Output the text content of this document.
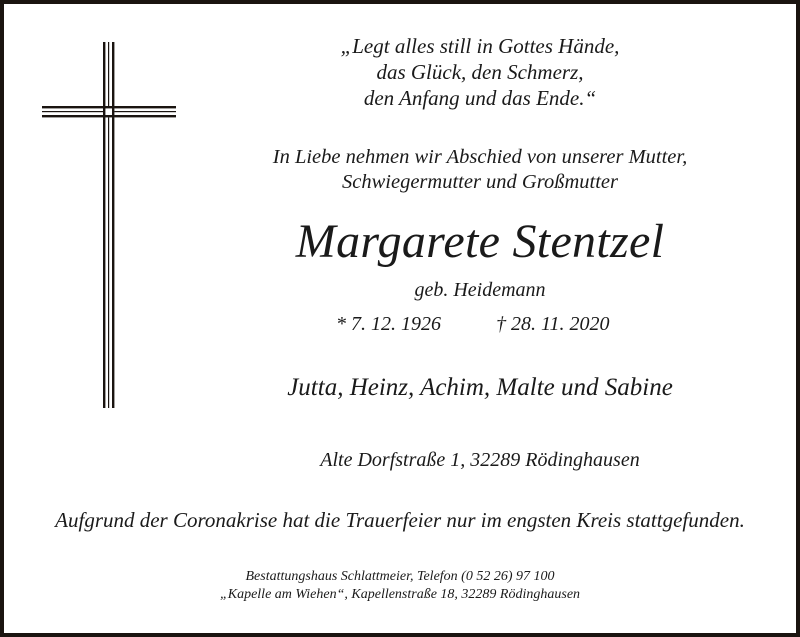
„Legt alles still in Gottes Hände,
das Glück, den Schmerz,
den Anfang und das Ende.“
In Liebe nehmen wir Abschied von unserer Mutter,
Schwiegermutter und Großmutter
Margarete Stentzel
geb. Heidemann
* 7. 12. 1926	† 28. 11. 2020
Jutta, Heinz, Achim, Malte und Sabine
Alte Dorfstraße 1, 32289 Rödinghausen
Aufgrund der Coronakrise hat die Trauerfeier nur im engsten Kreis stattgefunden.
Bestattungshaus Schlattmeier, Telefon (0 52 26) 97 100
„Kapelle am Wiehen“, Kapellenstraße 18, 32289 Rödinghausen
